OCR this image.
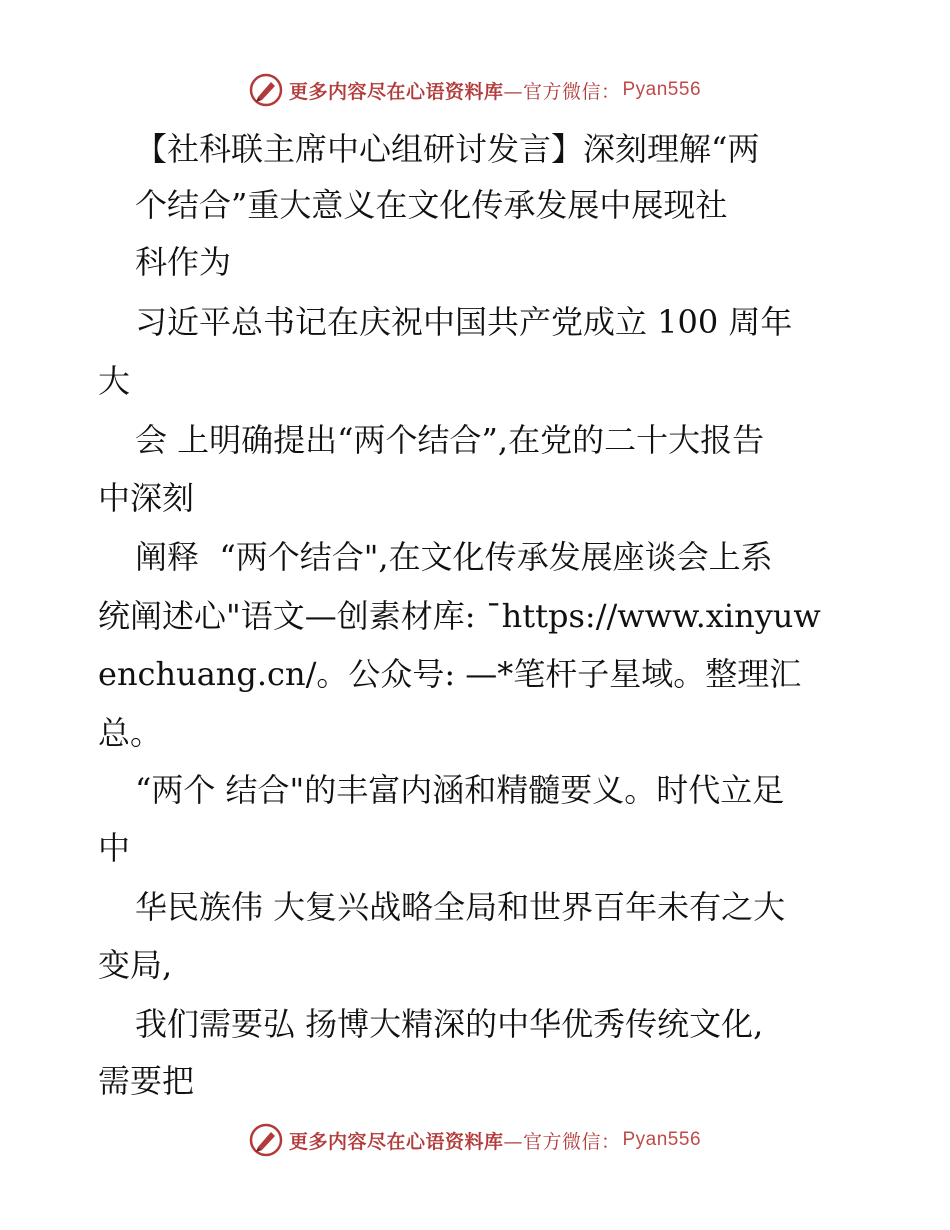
更多内容尽在心语资料库 —官方微信： Pyan556
【社科联主席中心组研讨发言】深刻理解“两
个结合”重大意义在文化传承发展中展现社
科作为
习近平总书记在庆祝中国共产党成立 100 周年
大
会 上明确提出“两个结合”,在党的二十大报告
中深刻
阐释  “两个结合",在文化传承发展座谈会上系
统阐述心"语文—创素材库: ¯https://www.xinyuw
enchuang.cn/。公众号: —*笔杆子星域。整理汇
总。
“两个 结合"的丰富内涵和精髓要义。时代立足
中
华民族伟 大复兴战略全局和世界百年未有之大
变局,
我们需要弘 扬博大精深的中华优秀传统文化,
需要把
更多内容尽在心语资料库 —官方微信： Pyan556
